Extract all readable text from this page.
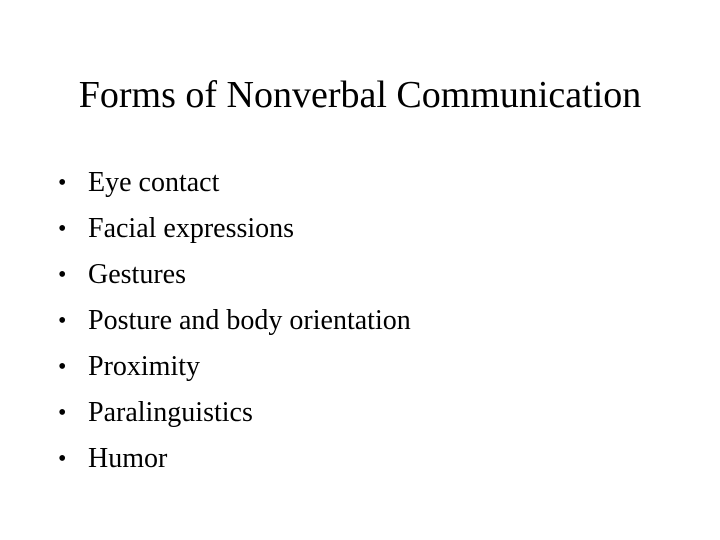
Forms of Nonverbal Communication
• Eye contact
• Facial expressions
• Gestures
• Posture and body orientation
• Proximity
• Paralinguistics
• Humor
